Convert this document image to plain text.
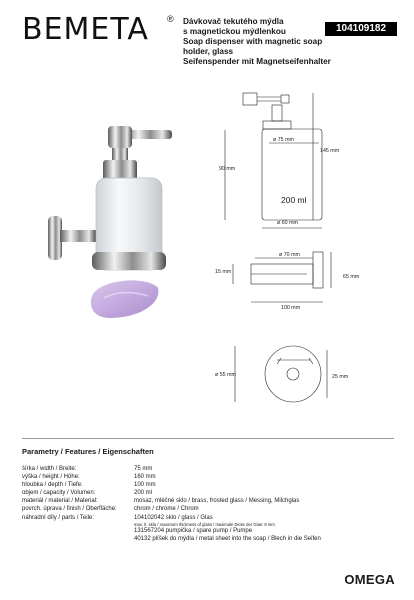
BEMETA ® Dávkovač tekutého mýdla
s magnetickou mýdlenkou
Soap dispenser with magnetic soap holder, glass
Seifenspender mit Magnetseifenhalter
104109182
ø 75 mm
145 mm
90 mm
200 ml
ø 60 mm
ø 70 mm
15 mm
65 mm
100 mm
ø 55 mm	25 mm
Parametry / Features / Eigenschaften
šírka / width / Breite:	75 mm
výška / height / Höhe:	160 mm
hloubka / depth / Tiefe:	100 mm
objem / capacity / Volumen:	200 ml
materiál / material / Material:	mosaz, mléčné sklo / brass, frosted glass / Messing, Milchglas
povrch. úprava / finish / Oberfläche:	chrom / chrome / Chrom
náhradní díly / parts / Teile:	104102042 sklo / glass / Glas
max. tl. skla / maximum thickness of glass / maximale Dicke der Glas: 8 mm
131567204 pumpička / spare pump / Pumpe
40132 plíšek do mýdla / metal sheet into the soap / Blech in die Seifen
OMEGA
